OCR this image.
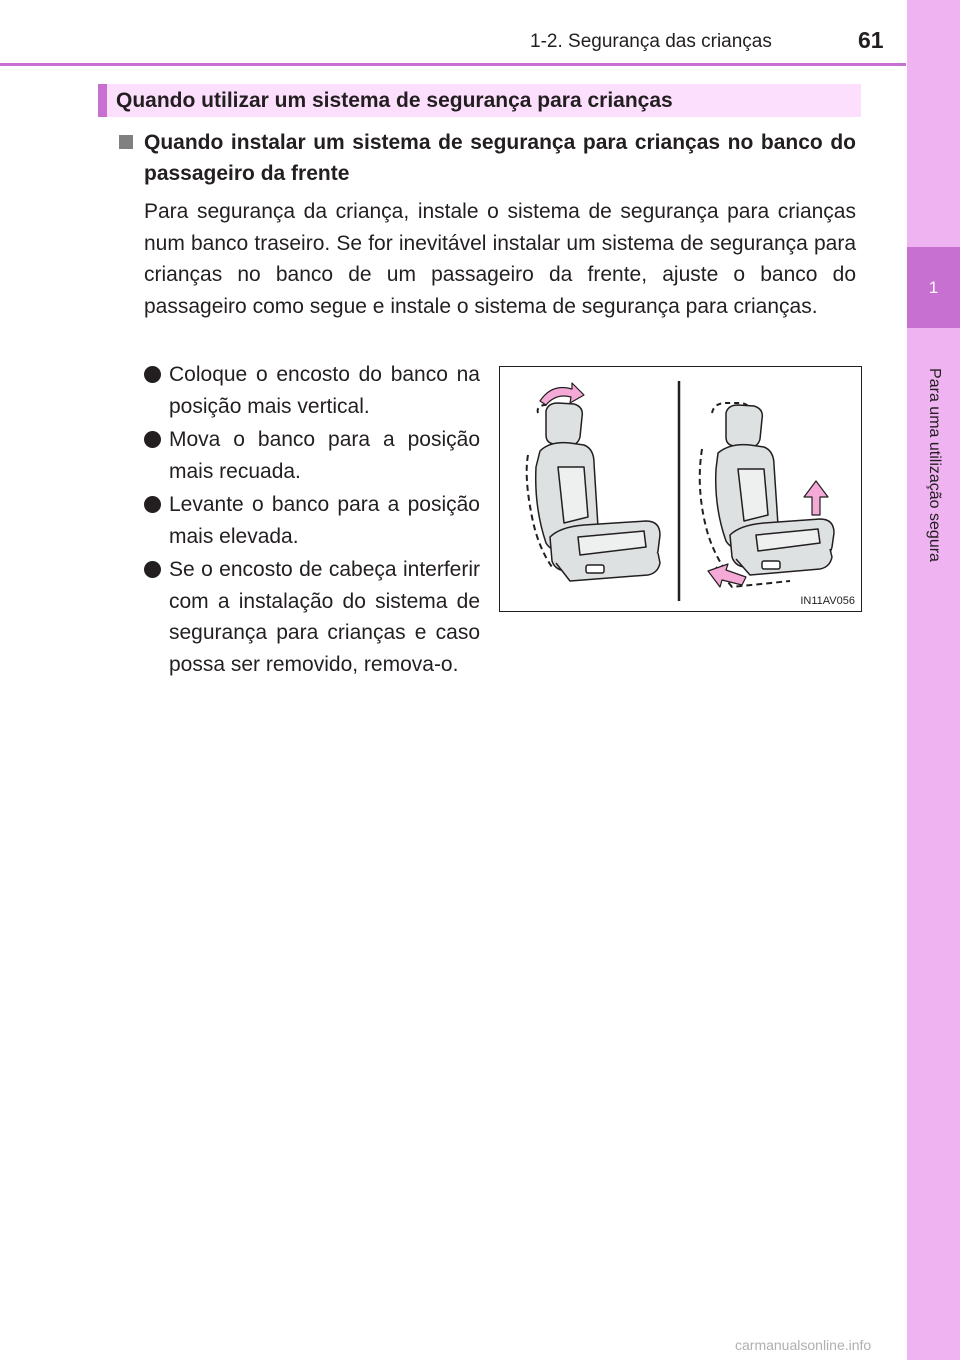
1-2. Segurança das crianças	61
1
Para uma utilização segura
Quando utilizar um sistema de segurança para crianças
Quando instalar um sistema de segurança para crianças no banco do passageiro da frente
Para segurança da criança, instale o sistema de segurança para crianças num banco traseiro. Se for inevitável instalar um sistema de segurança para crianças no banco de um passageiro da frente, ajuste o banco do passageiro como segue e instale o sistema de segurança para crianças.
Coloque o encosto do banco na posição mais vertical.
Mova o banco para a posição mais recuada.
Levante o banco para a posição mais elevada.
Se o encosto de cabeça interferir com a instalação do sistema de segurança para crianças e caso possa ser removido, remova-o.
IN11AV056
carmanualsonline.info
